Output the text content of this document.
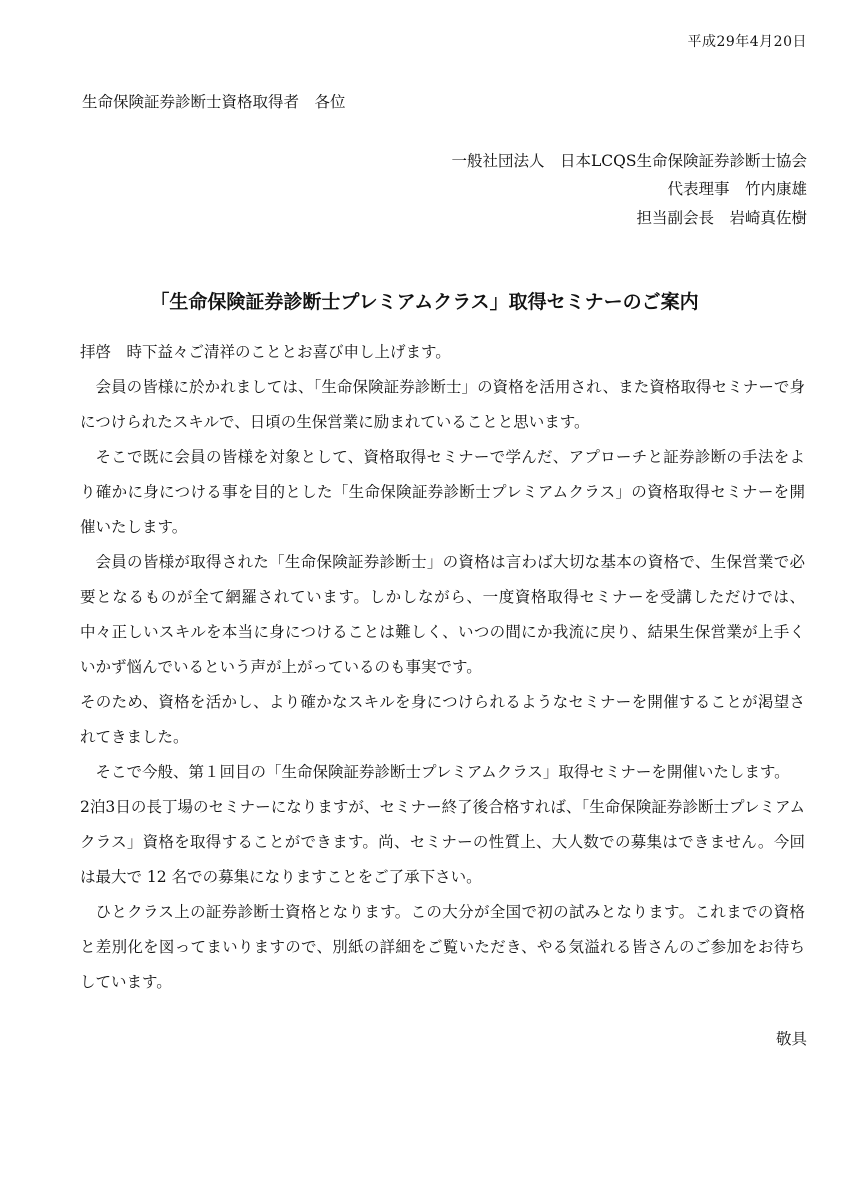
平成29年4月20日
生命保険証券診断士資格取得者　各位
一般社団法人　日本LCQS生命保険証券診断士協会
代表理事　竹内康雄
担当副会長　岩崎真佐樹
「生命保険証券診断士プレミアムクラス」取得セミナーのご案内

拝啓　時下益々ご清祥のこととお喜び申し上げます。

会員の皆様に於かれましては、「生命保険証券診断士」の資格を活用され、また資格取得セミナーで身につけられたスキルで、日頃の生保営業に励まれていることと思います。

そこで既に会員の皆様を対象として、資格取得セミナーで学んだ、アプローチと証券診断の手法をより確かに身につける事を目的とした「生命保険証券診断士プレミアムクラス」の資格取得セミナーを開催いたします。

会員の皆様が取得された「生命保険証券診断士」の資格は言わば大切な基本の資格で、生保営業で必要となるものが全て網羅されています。しかしながら、一度資格取得セミナーを受講しただけでは、中々正しいスキルを本当に身につけることは難しく、いつの間にか我流に戻り、結果生保営業が上手くいかず悩んでいるという声が上がっているのも事実です。

そのため、資格を活かし、より確かなスキルを身につけられるようなセミナーを開催することが渇望されてきました。

そこで今般、第１回目の「生命保険証券診断士プレミアムクラス」取得セミナーを開催いたします。

2泊3日の長丁場のセミナーになりますが、セミナー終了後合格すれば、「生命保険証券診断士プレミアムクラス」資格を取得することができます。尚、セミナーの性質上、大人数での募集はできません。今回は最大で 12 名での募集になりますことをご了承下さい。

ひとクラス上の証券診断士資格となります。この大分が全国で初の試みとなります。これまでの資格と差別化を図ってまいりますので、別紙の詳細をご覧いただき、やる気溢れる皆さんのご参加をお待ちしています。

敬具
